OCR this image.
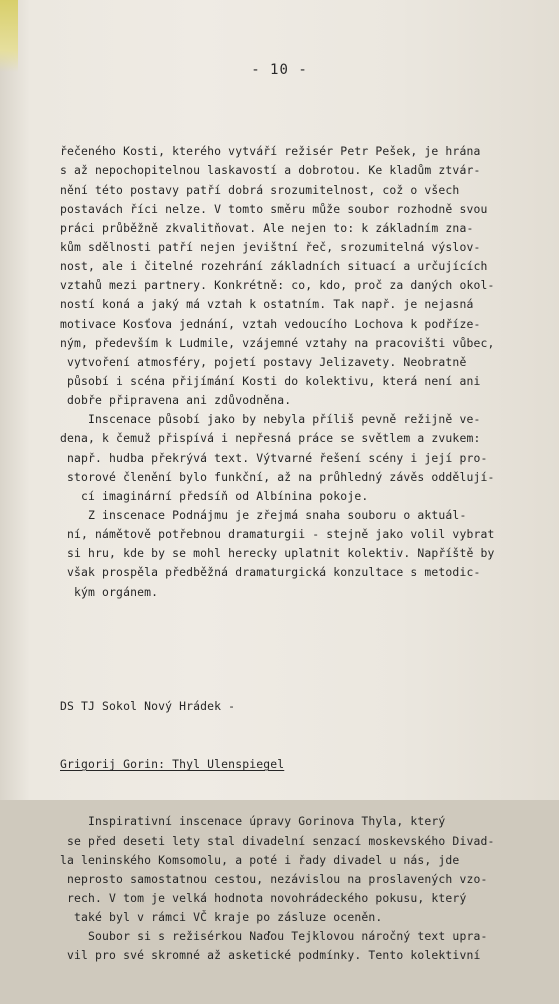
- 10 -

řečeného Kosti, kterého vytváří režisér Petr Pešek, je hrána
s až nepochopitelnou laskavostí a dobrotou. Ke kladům ztvár-
nění této postavy patří dobrá srozumitelnost, což o všech
postavách říci nelze. V tomto směru může soubor rozhodně svou
práci průběžně zkvalitňovat. Ale nejen to: k základním zna-
kům sdělnosti patří nejen jevištní řeč, srozumitelná výslov-
nost, ale i čitelné rozehrání základních situací a určujících
vztahů mezi partnery. Konkrétně: co, kdo, proč za daných okol-
ností koná a jaký má vztah k ostatním. Tak např. je nejasná
motivace Kosťova jednání, vztah vedoucího Lochova k podříze-
ným, především k Ludmile, vzájemné vztahy na pracovišti vůbec,
vytvoření atmosféry, pojetí postavy Jelizavety. Neobratně
působí i scéna přijímání Kosti do kolektivu, která není ani
dobře připravena ani zdůvodněna.
Inscenace působí jako by nebyla příliš pevně režijně ve-
dena, k čemuž přispívá i nepřesná práce se světlem a zvukem:
např. hudba překrývá text. Výtvarné řešení scény i její pro-
storové členění bylo funkční, až na průhledný závěs oddělují-
cí imaginární předsíň od Albínina pokoje.
Z inscenace Podnájmu je zřejmá snaha souboru o aktuál-
ní, námětově potřebnou dramaturgii - stejně jako volil vybrat
si hru, kde by se mohl herecky uplatnit kolektiv. Napříště by
však prospěla předběžná dramaturgická konzultace s metodic-
kým orgánem.

DS TJ Sokol Nový Hrádek -

Grigorij Gorin: Thyl Ulenspiegel

Inspirativní inscenace úpravy Gorinova Thyla, který
se před deseti lety stal divadelní senzací moskevského Divad-
la leninského Komsomolu, a poté i řady divadel u nás, jde
neprosto samostatnou cestou, nezávislou na proslavených vzo-
rech. V tom je velká hodnota novohrádeckého pokusu, který
také byl v rámci VČ kraje po zásluze oceněn.
Soubor si s režisérkou Naďou Tejklovou náročný text upra-
vil pro své skromné až asketické podmínky. Tento kolektivní
